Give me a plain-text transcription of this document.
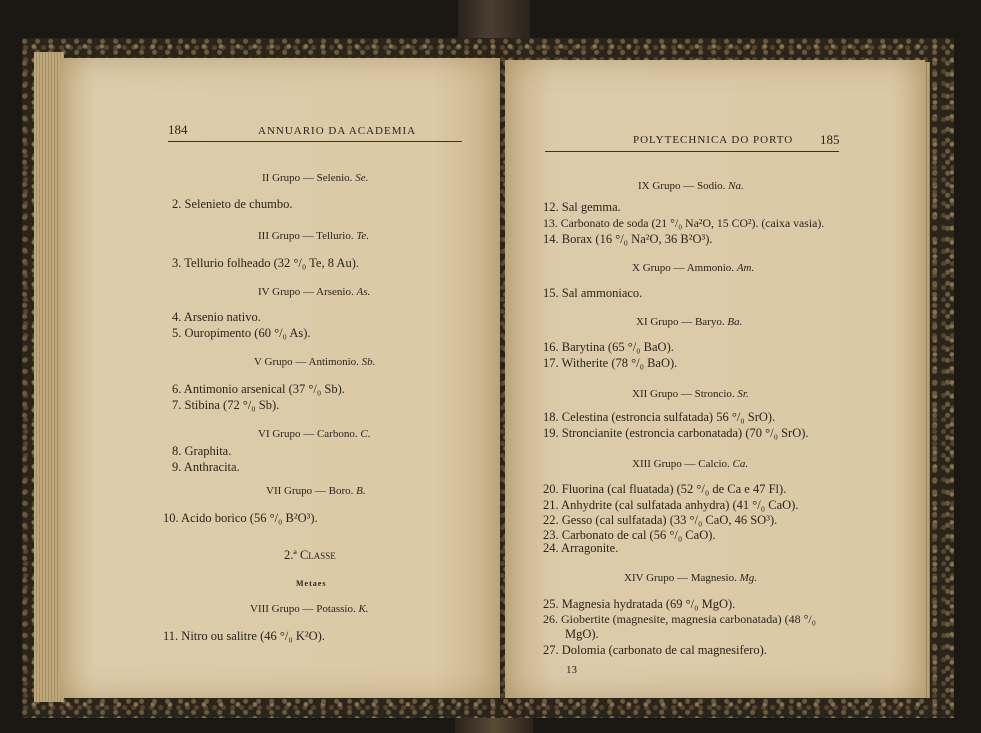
184	ANNUARIO DA ACADEMIA
II Grupo — Selenio. Se.
2. Selenieto de chumbo.
III Grupo — Tellurio. Te.
3. Tellurio folheado (32 °/₀ Te, 8 Au).
IV Grupo — Arsenio. As.
4. Arsenio nativo.
5. Ouropimento (60 °/₀ As).
V Grupo — Antimonio. Sb.
6. Antimonio arsenical (37 °/₀ Sb).
7. Stibina (72 °/₀ Sb).
VI Grupo — Carbono. C.
8. Graphita.
9. Anthracita.
VII Grupo — Boro. B.
10. Acido borico (56 °/₀ B²O³).
2.ª Classe
Metaes
VIII Grupo — Potassio. K.
11. Nitro ou salitre (46 °/₀ K²O).
POLYTECHNICA DO PORTO 185
IX Grupo — Sodio. Na.
12. Sal gemma.
13. Carbonato de soda (21 °/₀ Na²O, 15 CO²). (caixa vasia).
14. Borax (16 °/₀ Na²O, 36 B²O³).
X Grupo — Ammonio. Am.
15. Sal ammoniaco.
XI Grupo — Baryo. Ba.
16. Barytina (65 °/₀ BaO).
17. Witherite (78 °/₀ BaO).
XII Grupo — Stroncio. Sr.
18. Celestina (estroncia sulfatada) 56 °/₀ SrO).
19. Stroncianite (estroncia carbonatada) (70 °/₀ SrO).
XIII Grupo — Calcio. Ca.
20. Fluorina (cal fluatada) (52 °/₀ de Ca e 47 Fl).
21. Anhydrite (cal sulfatada anhydra) (41 °/₀ CaO).
22. Gesso (cal sulfatada) (33 °/₀ CaO, 46 SO³).
23. Carbonato de cal (56 °/₀ CaO).
24. Arragonite.
XIV Grupo — Magnesio. Mg.
25. Magnesia hydratada (69 °/₀ MgO).
26. Giobertite (magnesite, magnesia carbonatada) (48 °/₀
MgO).
27. Dolomia (carbonato de cal magnesifero).
13
